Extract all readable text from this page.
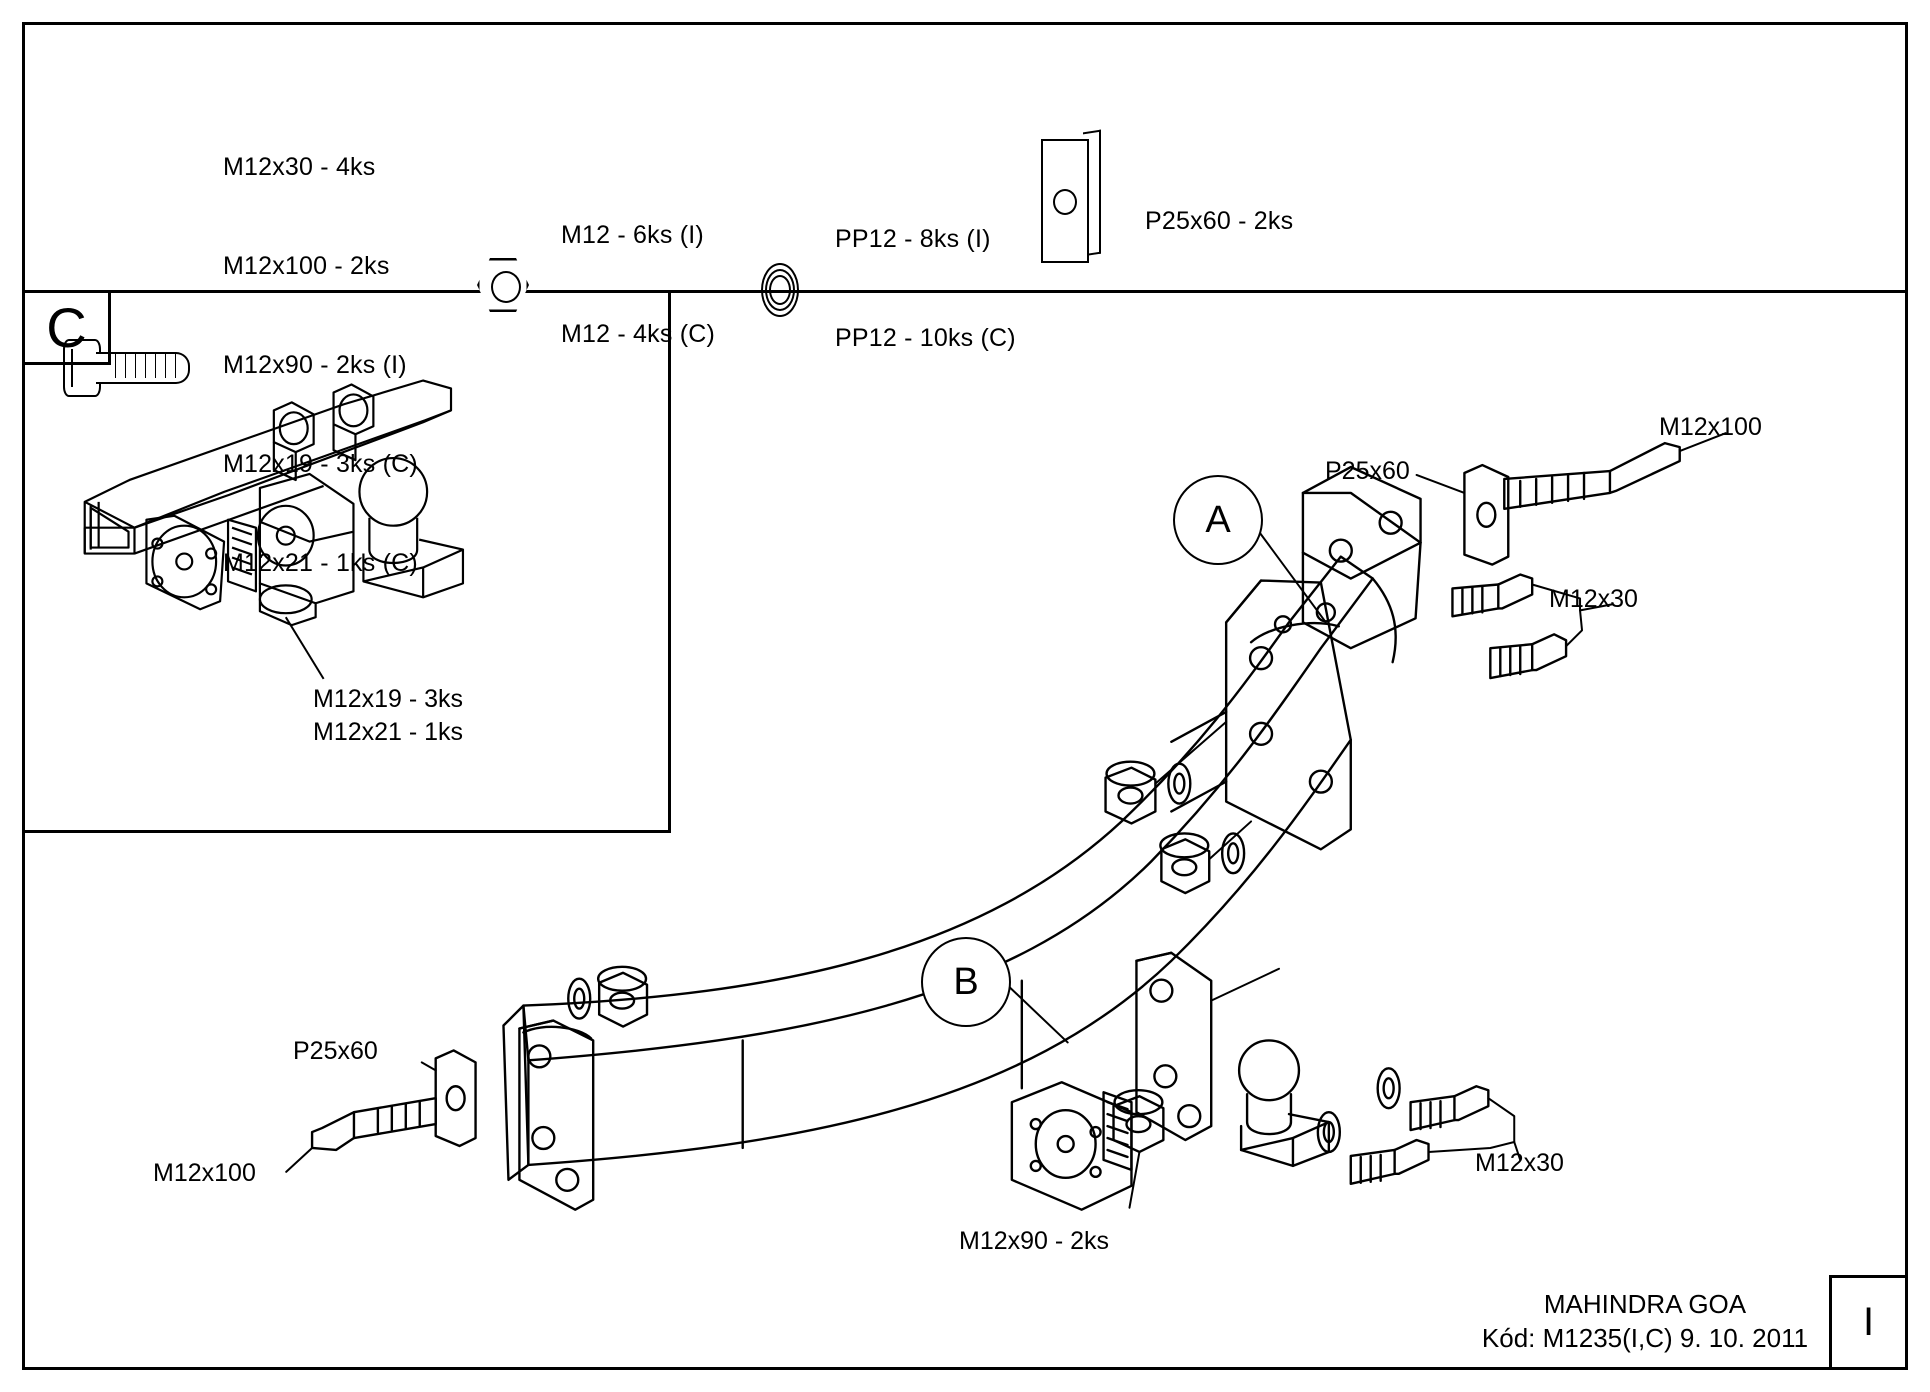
M12x30 - 4ks

M12x100 - 2ks

M12x90 - 2ks (I)

M12x19 - 3ks (C)

M12x21 - 1ks (C)

M12 - 6ks (I)

M12 - 4ks (C)

PP12 - 8ks (I)

PP12 - 10ks (C)

P25x60 - 2ks

C
M12x19 - 3ks
M12x21 - 1ks
A
B
P25x60
M12x100
M12x30
P25x60
M12x100
M12x90 - 2ks
M12x30
MAHINDRA GOA
Kód: M1235(I,C) 9. 10. 2011	I
